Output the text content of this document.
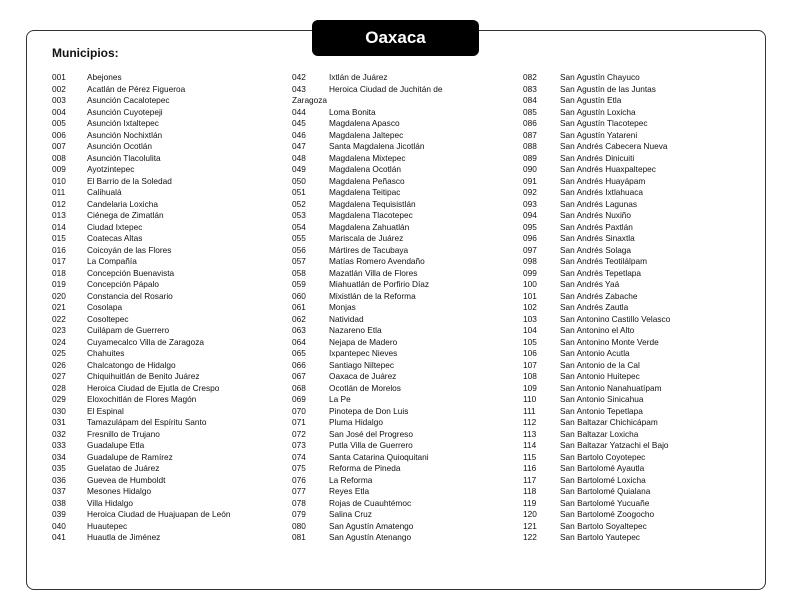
Oaxaca
Municipios:
001	Abejones
002	Acatlán de Pérez Figueroa
003	Asunción Cacalotepec
004	Asunción Cuyotepeji
005	Asunción Ixtaltepec
006	Asunción Nochixtlán
007	Asunción Ocotlán
008	Asunción Tlacolulita
009	Ayotzintepec
010	El Barrio de la Soledad
011	Calihualá
012	Candelaria Loxicha
013	Ciénega de Zimatlán
014	Ciudad Ixtepec
015	Coatecas Altas
016	Coicoyán de las Flores
017	La Compañía
018	Concepción Buenavista
019	Concepción Pápalo
020	Constancia del Rosario
021	Cosolapa
022	Cosoltepec
023	Cuilápam de Guerrero
024	Cuyamecalco Villa de Zaragoza
025	Chahuites
026	Chalcatongo de Hidalgo
027	Chiquihuitlán de Benito Juárez
028	Heroica Ciudad de Ejutla de Crespo
029	Eloxochitlán de Flores Magón
030	El Espinal
031	Tamazulápam del Espíritu Santo
032	Fresnillo de Trujano
033	Guadalupe Etla
034	Guadalupe de Ramírez
035	Guelatao de Juárez
036	Guevea de Humboldt
037	Mesones Hidalgo
038	Villa Hidalgo
039	Heroica Ciudad de Huajuapan de León
040	Huautepec
041	Huautla de Jiménez
042	Ixtlán de Juárez
043	Heroica Ciudad de Juchitán de
Zaragoza
044	Loma Bonita
045	Magdalena Apasco
046	Magdalena Jaltepec
047	Santa Magdalena Jicotlán
048	Magdalena Mixtepec
049	Magdalena Ocotlán
050	Magdalena Peñasco
051	Magdalena Teitipac
052	Magdalena Tequisistlán
053	Magdalena Tlacotepec
054	Magdalena Zahuatlán
055	Mariscala de Juárez
056	Mártires de Tacubaya
057	Matías Romero Avendaño
058	Mazatlán Villa de Flores
059	Miahuatlán de Porfirio Díaz
060	Mixistlán de la Reforma
061	Monjas
062	Natividad
063	Nazareno Etla
064	Nejapa de Madero
065	Ixpantepec Nieves
066	Santiago Niltepec
067	Oaxaca de Juárez
068	Ocotlán de Morelos
069	La Pe
070	Pinotepa de Don Luis
071	Pluma Hidalgo
072	San José del Progreso
073	Putla Villa de Guerrero
074	Santa Catarina Quioquitani
075	Reforma de Pineda
076	La Reforma
077	Reyes Etla
078	Rojas de Cuauhtémoc
079	Salina Cruz
080	San Agustín Amatengo
081	San Agustín Atenango
082	San Agustín Chayuco
083	San Agustín de las Juntas
084	San Agustín Etla
085	San Agustín Loxicha
086	San Agustín Tlacotepec
087	San Agustín Yatareni
088	San Andrés Cabecera Nueva
089	San Andrés Dinicuiti
090	San Andrés Huaxpaltepec
091	San Andrés Huayápam
092	San Andrés Ixtlahuaca
093	San Andrés Lagunas
094	San Andrés Nuxiño
095	San Andrés Paxtlán
096	San Andrés Sinaxtla
097	San Andrés Solaga
098	San Andrés Teotilálpam
099	San Andrés Tepetlapa
100	San Andrés Yaá
101	San Andrés Zabache
102	San Andrés Zautla
103	San Antonino Castillo Velasco
104	San Antonino el Alto
105	San Antonino Monte Verde
106	San Antonio Acutla
107	San Antonio de la Cal
108	San Antonio Huitepec
109	San Antonio Nanahuatípam
110	San Antonio Sinicahua
111	San Antonio Tepetlapa
112	San Baltazar Chichicápam
113	San Baltazar Loxicha
114	San Baltazar Yatzachi el Bajo
115	San Bartolo Coyotepec
116	San Bartolomé Ayautla
117	San Bartolomé Loxicha
118	San Bartolomé Quialana
119	San Bartolomé Yucuañe
120	San Bartolomé Zoogocho
121	San Bartolo Soyaltepec
122	San Bartolo Yautepec
